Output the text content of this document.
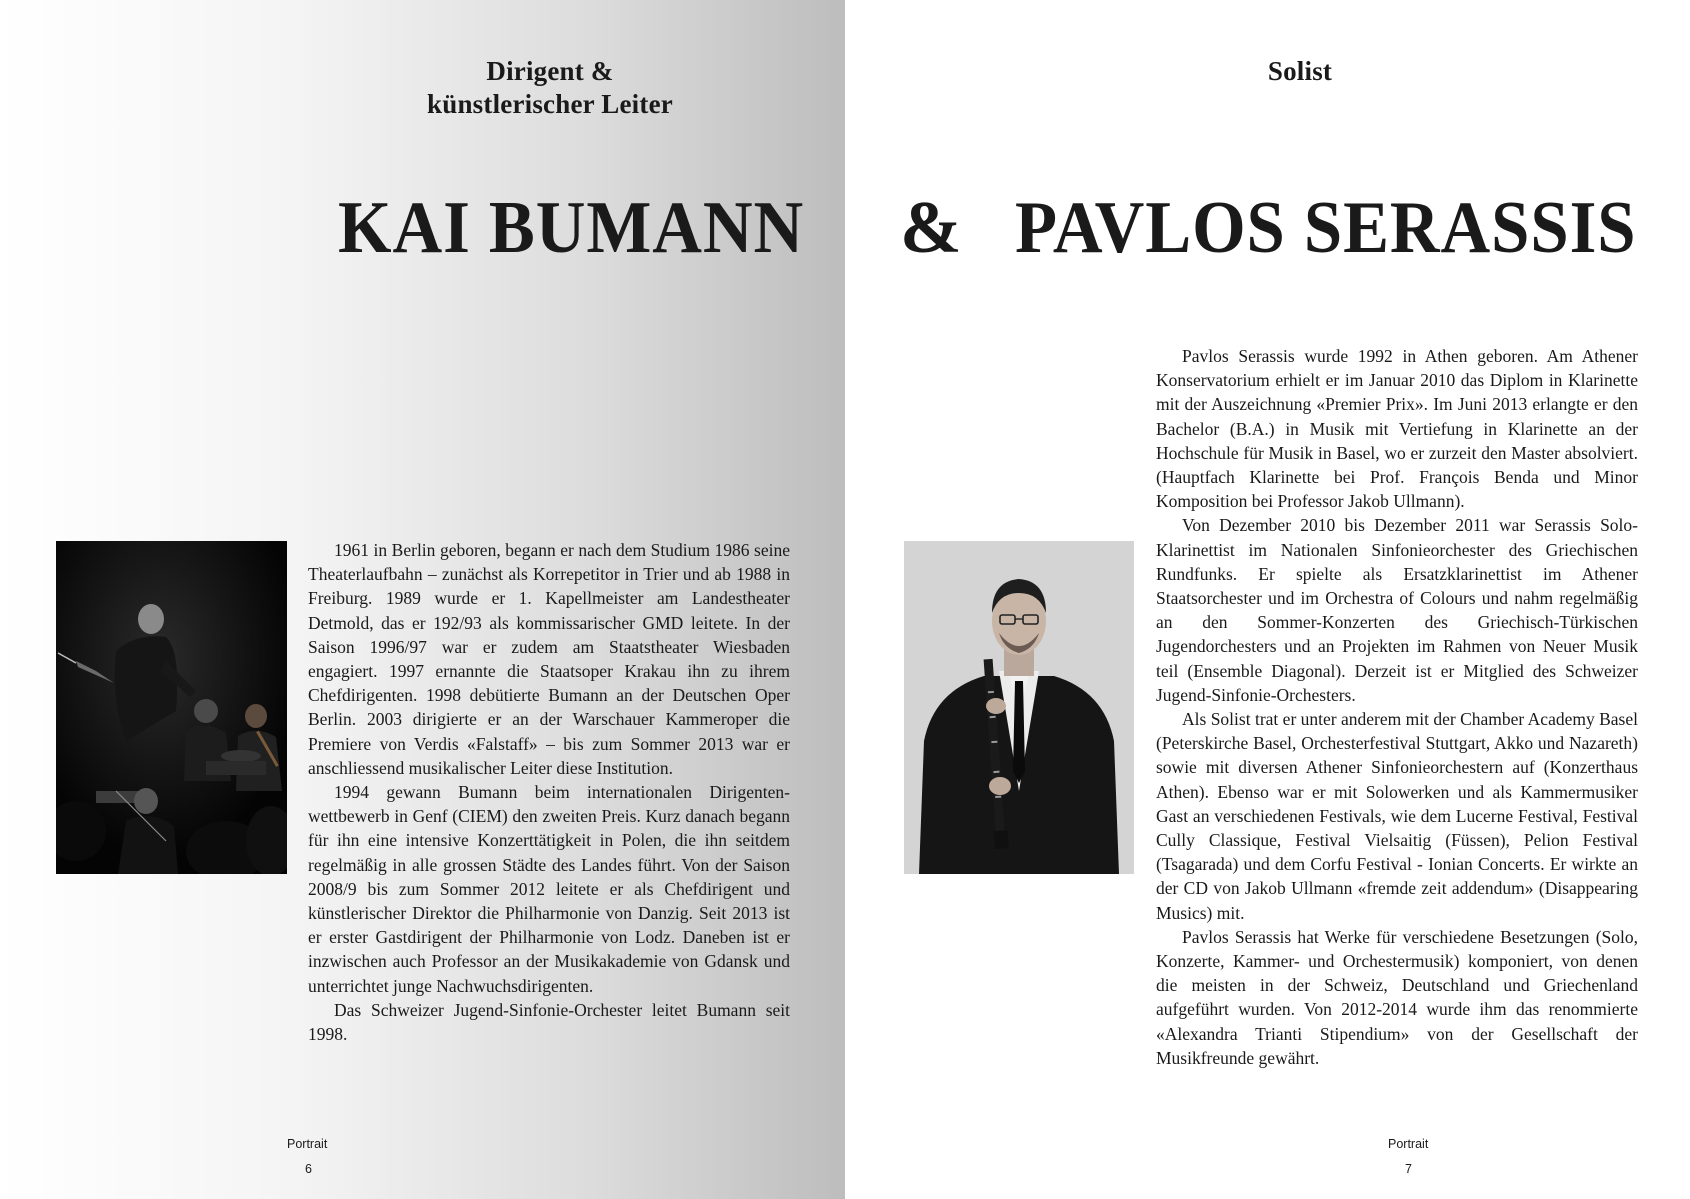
Dirigent &
künstlerischer Leiter
Solist
KAI BUMANN & PAVLOS SERASSIS

1961 in Berlin geboren, begann er nach dem Studium 1986 seine Theaterlaufbahn – zunächst als Korrepetitor in Trier und ab 1988 in Freiburg. 1989 wurde er 1. Kapellmeister am Landestheater Detmold, das er 192/93 als kommissarischer GMD leitete. In der Saison 1996/97 war er zudem am Staatstheater Wiesbaden engagiert. 1997 ernannte die Staatsoper Krakau ihn zu ihrem Chefdirigenten. 1998 debütierte Bumann an der Deutschen Oper Berlin. 2003 dirigierte er an der Warschauer Kammeroper die Premiere von Verdis «Falstaff» – bis zum Sommer 2013 war er anschliessend musikalischer Leiter diese Institution.

1994 gewann Bumann beim internationalen Dirigentenwettbewerb in Genf (CIEM) den zweiten Preis. Kurz danach begann für ihn eine intensive Konzerttätigkeit in Polen, die ihn seitdem regelmäßig in alle grossen Städte des Landes führt. Von der Saison 2008/9 bis zum Sommer 2012 leitete er als Chefdirigent und künstlerischer Direktor die Philharmonie von Danzig. Seit 2013 ist er erster Gastdirigent der Philharmonie von Lodz. Daneben ist er inzwischen auch Professor an der Musikakademie von Gdansk und unterrichtet junge Nachwuchsdirigenten.

Das Schweizer Jugend-Sinfonie-Orchester leitet Bumann seit 1998.

Pavlos Serassis wurde 1992 in Athen geboren. Am Athener Konservatorium erhielt er im Januar 2010 das Diplom in Klarinette mit der Auszeichnung «Premier Prix». Im Juni 2013 erlangte er den Bachelor (B.A.) in Musik mit Vertiefung in Klarinette an der Hochschule für Musik in Basel, wo er zurzeit den Master absolviert. (Hauptfach Klarinette bei Prof. François Benda und Minor Komposition bei Professor Jakob Ullmann).

Von Dezember 2010 bis Dezember 2011 war Serassis Solo-Klarinettist im Nationalen Sinfonieorchester des Griechischen Rundfunks. Er spielte als Ersatzklarinettist im Athener Staatsorchester und im Orchestra of Colours und nahm regelmäßig an den Sommer-Konzerten des Griechisch-Türkischen Jugendorchesters und an Projekten im Rahmen von Neuer Musik teil (Ensemble Diagonal). Derzeit ist er Mitglied des Schweizer Jugend-Sinfonie-Orchesters.

Als Solist trat er unter anderem mit der Chamber Academy Basel (Peterskirche Basel, Orchesterfestival Stuttgart, Akko und Nazareth) sowie mit diversen Athener Sinfonieorchestern auf (Konzerthaus Athen). Ebenso war er mit Solowerken und als Kammermusiker Gast an verschiedenen Festivals, wie dem Lucerne Festival, Festival Cully Classique, Festival Vielsaitig (Füssen), Pelion Festival (Tsagarada) und dem Corfu Festival - Ionian Concerts. Er wirkte an der CD von Jakob Ullmann «fremde zeit addendum» (Disappearing Musics) mit.

Pavlos Serassis hat Werke für verschiedene Besetzungen (Solo, Konzerte, Kammer- und Orchestermusik) komponiert, von denen die meisten in der Schweiz, Deutschland und Griechenland aufgeführt wurden. Von 2012-2014 wurde ihm das renommierte «Alexandra Trianti Stipendium» von der Gesellschaft der Musikfreunde gewährt.

Portrait
6
Portrait
7
